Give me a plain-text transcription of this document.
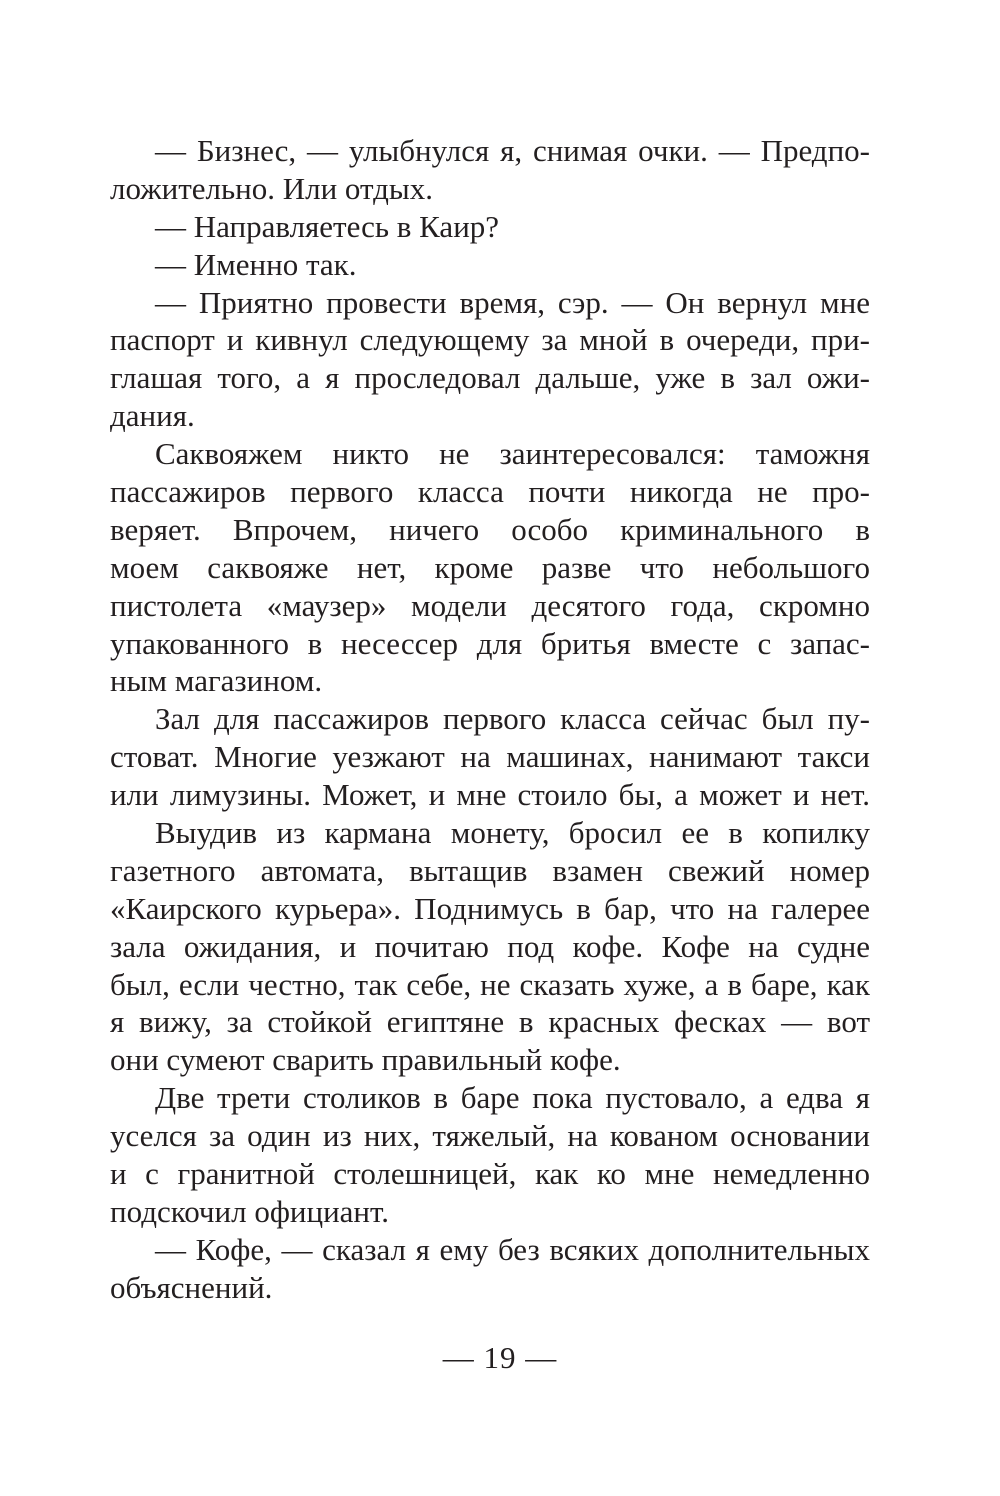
— Бизнес, — улыбнулся я, снимая очки. — Предпо-
ложительно. Или отдых.
— Направляетесь в Каир?
— Именно так.
— Приятно провести время, сэр. — Он вернул мне
паспорт и кивнул следующему за мной в очереди, при-
глашая того, а я проследовал дальше, уже в зал ожи-
дания.
Саквояжем никто не заинтересовался: таможня
пассажиров первого класса почти никогда не про-
веряет. Впрочем, ничего особо криминального в
моем саквояже нет, кроме разве что небольшого
пистолета «маузер» модели десятого года, скромно
упакованного в несессер для бритья вместе с запас-
ным магазином.
Зал для пассажиров первого класса сейчас был пу-
стоват. Многие уезжают на машинах, нанимают такси
или лимузины. Может, и мне стоило бы, а может и нет.
Выудив из кармана монету, бросил ее в копилку
газетного автомата, вытащив взамен свежий номер
«Каирского курьера». Поднимусь в бар, что на галерее
зала ожидания, и почитаю под кофе. Кофе на судне
был, если честно, так себе, не сказать хуже, а в баре, как
я вижу, за стойкой египтяне в красных фесках — вот
они сумеют сварить правильный кофе.
Две трети столиков в баре пока пустовало, а едва я
уселся за один из них, тяжелый, на кованом основании
и с гранитной столешницей, как ко мне немедленно
подскочил официант.
— Кофе, — сказал я ему без всяких дополнительных
объяснений.
— 19 —
